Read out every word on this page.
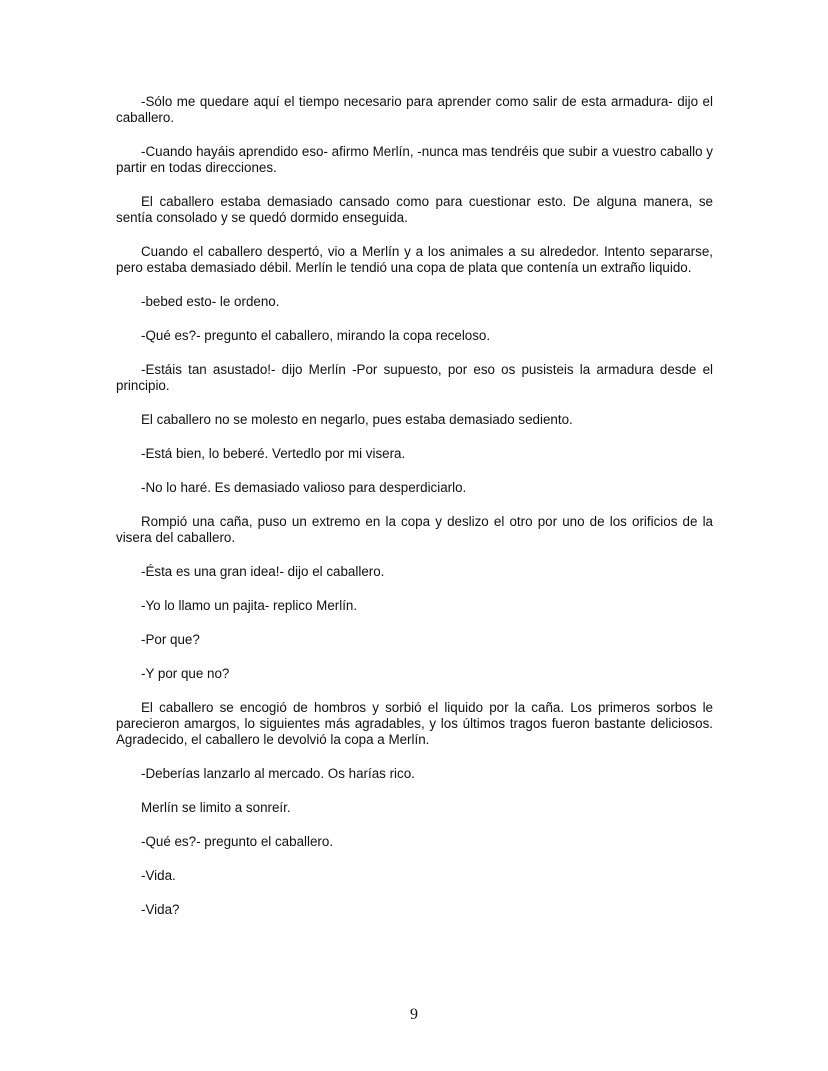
-Sólo me quedare aquí el tiempo necesario para aprender como salir de esta armadura- dijo el caballero.

-Cuando hayáis aprendido eso- afirmo Merlín, -nunca mas tendréis que subir a vuestro caballo y partir en todas direcciones.

El caballero estaba demasiado cansado como para cuestionar esto. De alguna manera, se sentía consolado y se quedó dormido enseguida.

Cuando el caballero despertó, vio a Merlín y a los animales a su alrededor. Intento separarse, pero estaba demasiado débil. Merlín le tendió una copa de plata que contenía un extraño liquido.

-bebed esto- le ordeno.

-Qué es?- pregunto el caballero, mirando la copa receloso.

-Estáis tan asustado!- dijo Merlín -Por supuesto, por eso os pusisteis la armadura desde el principio.

El caballero no se molesto en negarlo, pues estaba demasiado sediento.

-Está bien, lo beberé. Vertedlo por mi visera.

-No lo haré. Es demasiado valioso para desperdiciarlo.

Rompió una caña, puso un extremo en la copa y deslizo el otro por uno de los orificios de la visera del caballero.

-Ésta es una gran idea!- dijo el caballero.

-Yo lo llamo un pajita- replico Merlín.

-Por que?

-Y por que no?

El caballero se encogió de hombros y sorbió el liquido por la caña. Los primeros sorbos le parecieron amargos, lo siguientes más agradables, y los últimos tragos fueron bastante deliciosos. Agradecido, el caballero le devolvió la copa a Merlín.

-Deberías lanzarlo al mercado. Os harías rico.

Merlín se limito a sonreír.

-Qué es?- pregunto el caballero.

-Vida.

-Vida?

9
